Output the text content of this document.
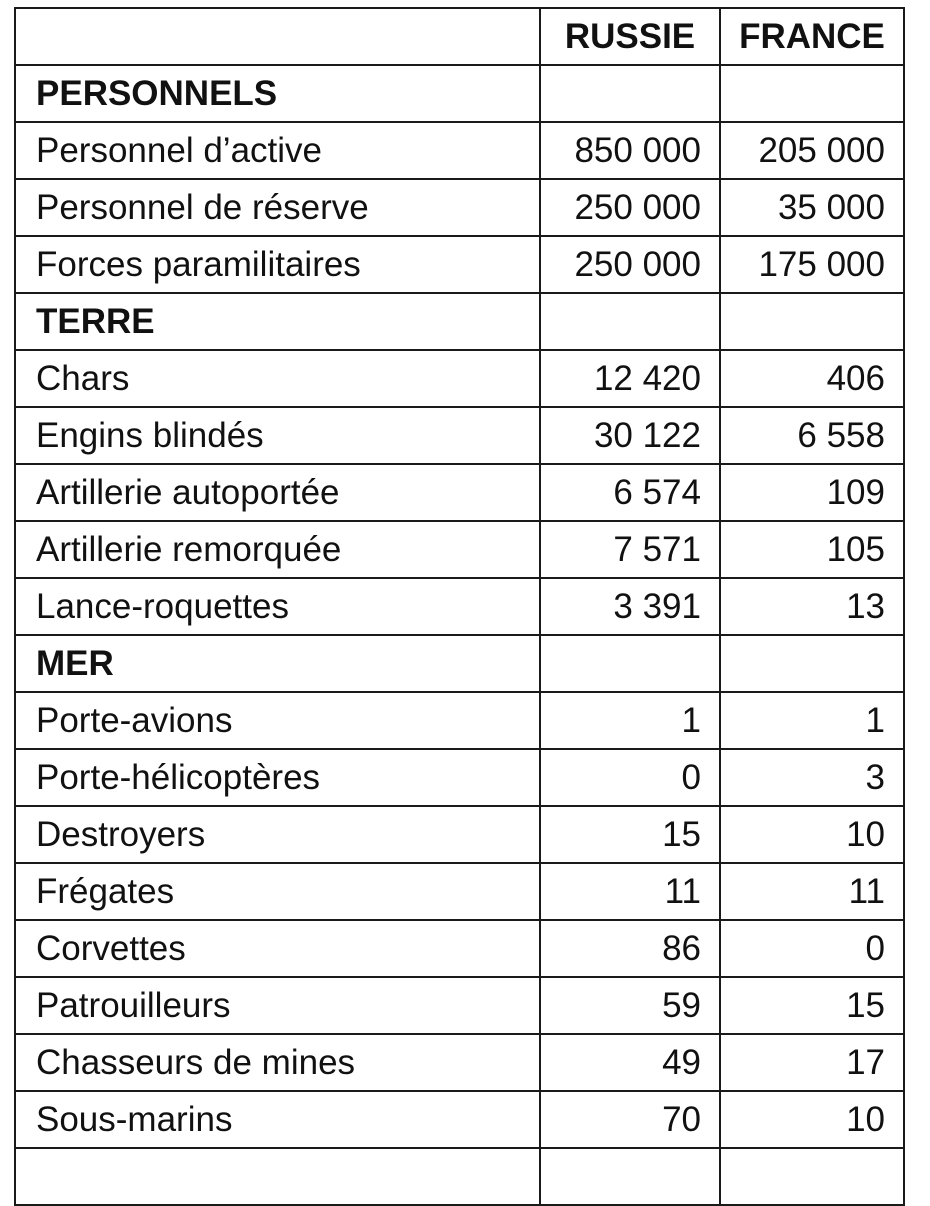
	RUSSIE	FRANCE
PERSONNELS		
Personnel d’active	850 000	205 000
Personnel de réserve	250 000	35 000
Forces paramilitaires	250 000	175 000
TERRE		
Chars	12 420	406
Engins blindés	30 122	6 558
Artillerie autoportée	6 574	109
Artillerie remorquée	7 571	105
Lance-roquettes	3 391	13
MER		
Porte-avions	1	1
Porte-hélicoptères	0	3
Destroyers	15	10
Frégates	11	11
Corvettes	86	0
Patrouilleurs	59	15
Chasseurs de mines	49	17
Sous-marins	70	10
